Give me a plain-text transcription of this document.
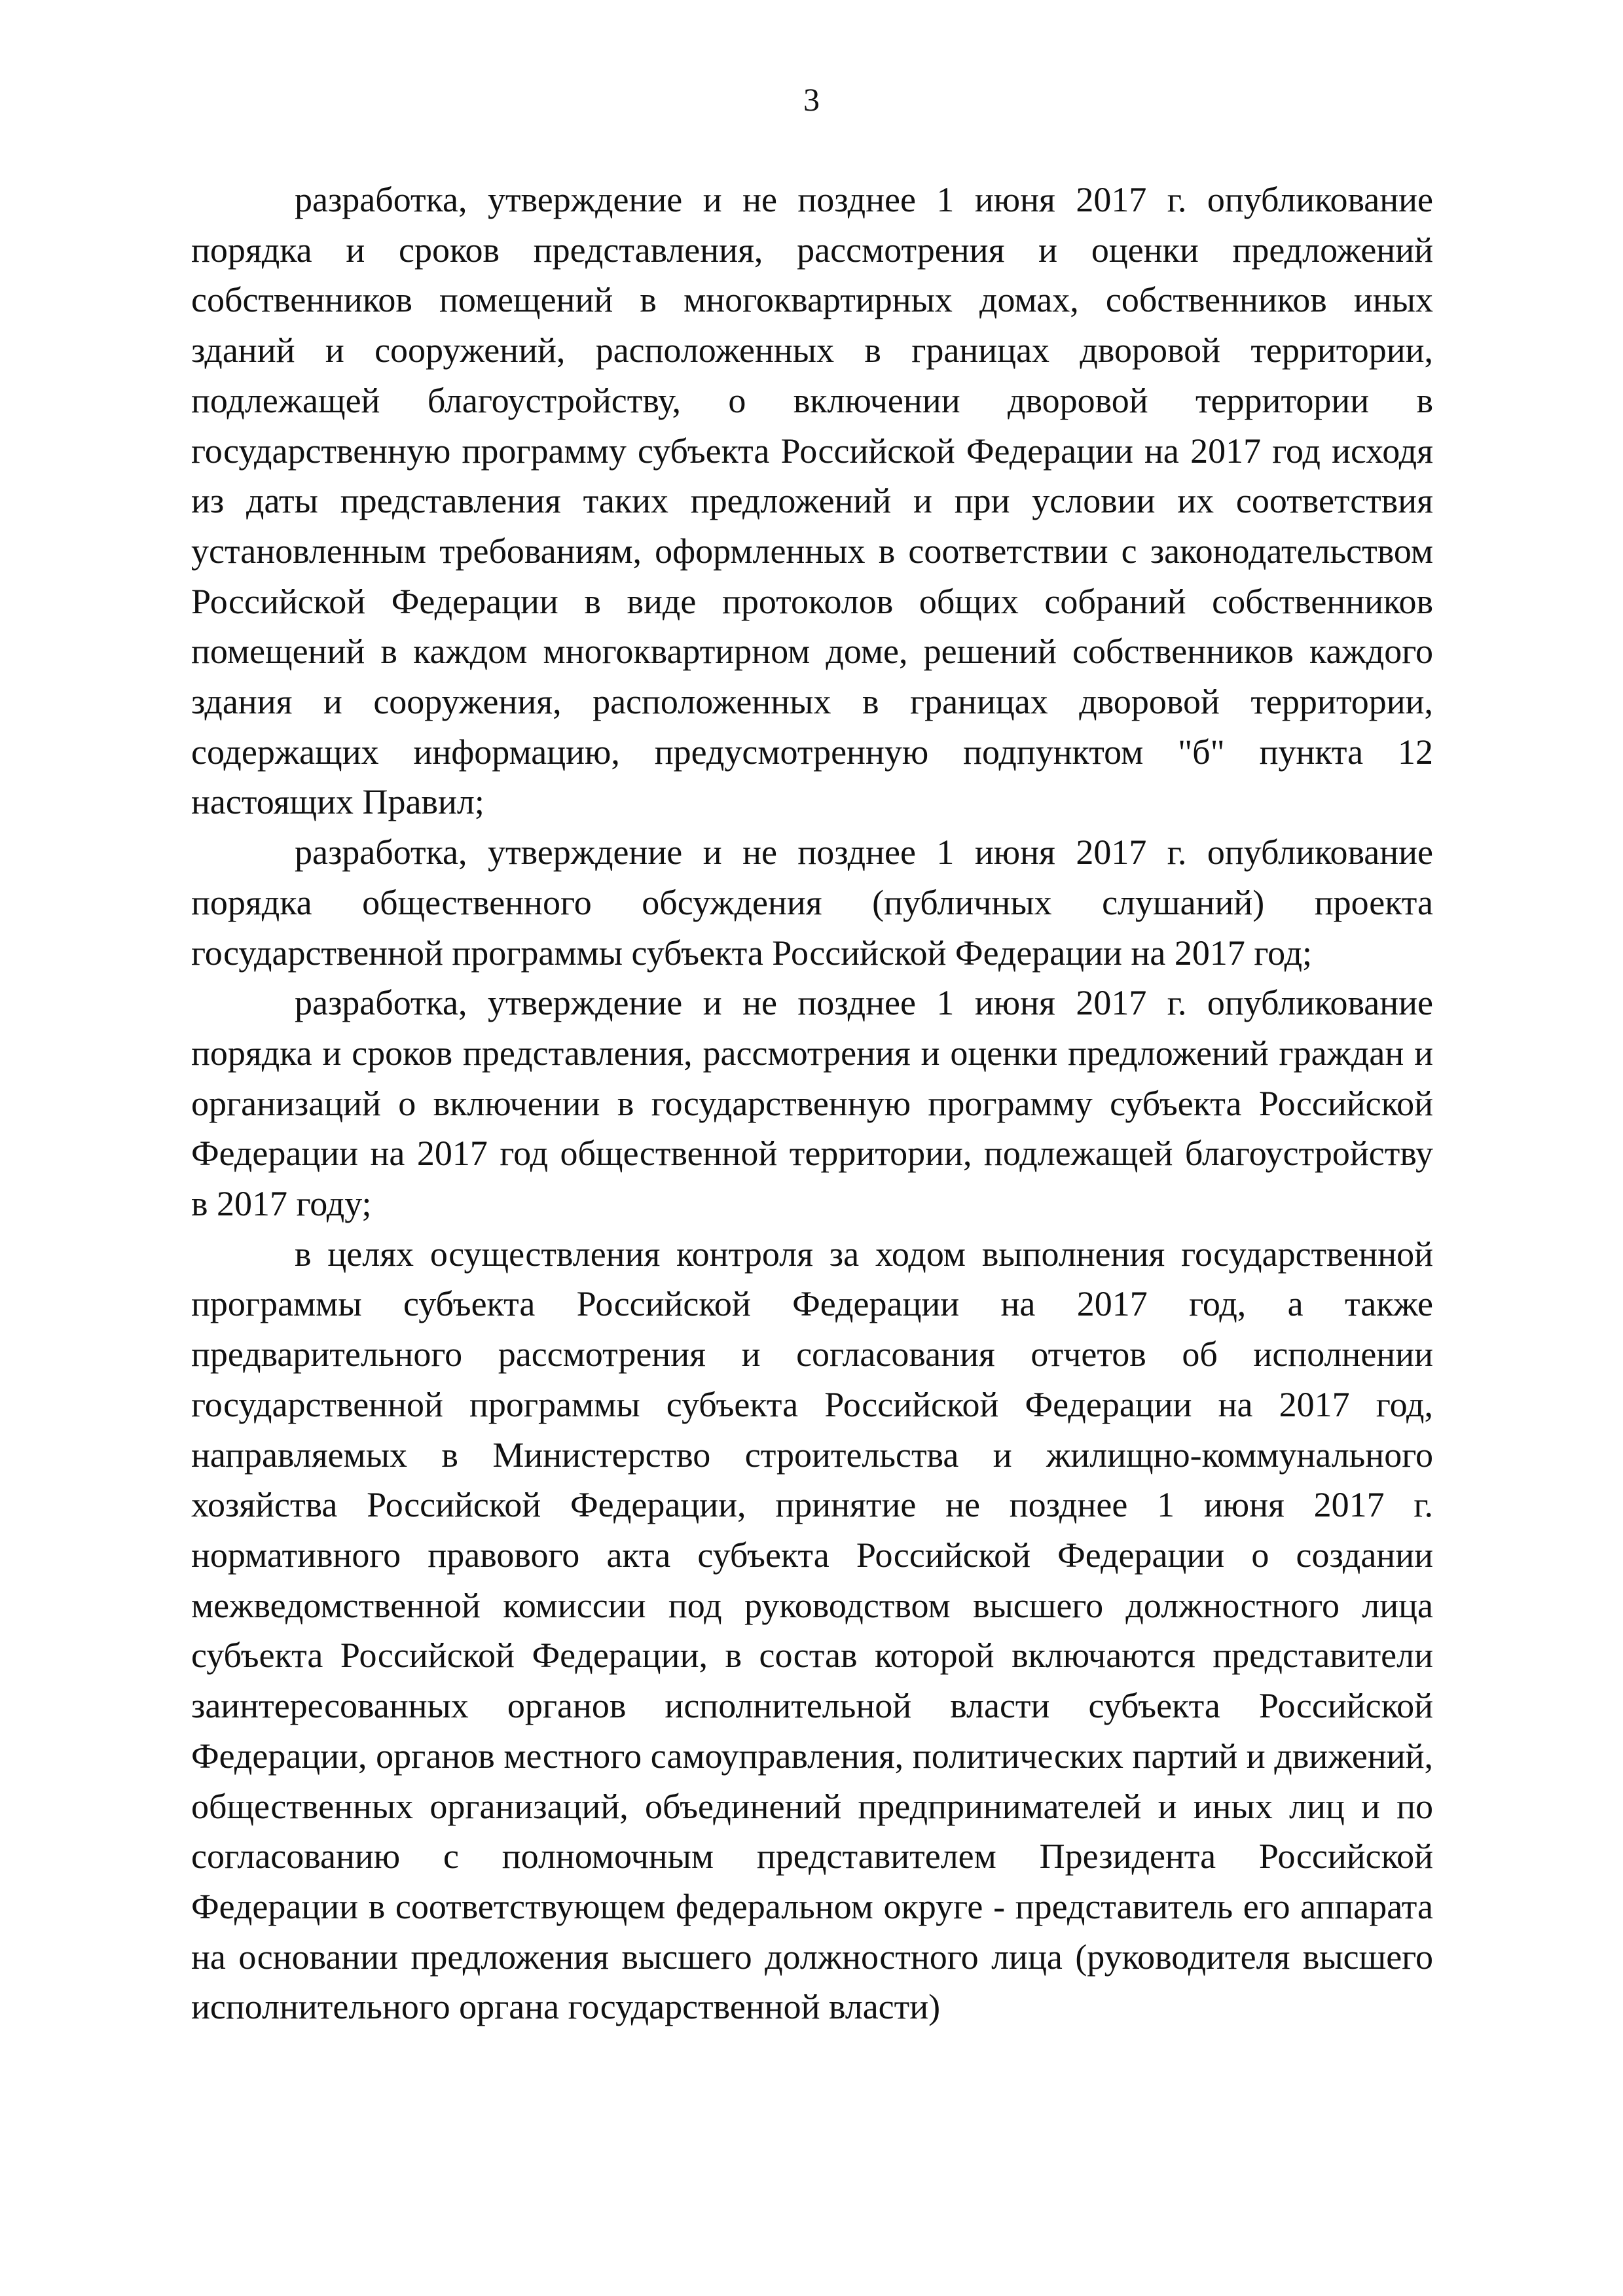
3

разработка, утверждение и не позднее 1 июня 2017 г. опубликование порядка и сроков представления, рассмотрения и оценки предложений собственников помещений в многоквартирных домах, собственников иных зданий и сооружений, расположенных в границах дворовой территории, подлежащей благоустройству, о включении дворовой территории в государственную программу субъекта Российской Федерации на 2017 год исходя из даты представления таких предложений и при условии их соответствия установленным требованиям, оформленных в соответствии с законодательством Российской Федерации в виде протоколов общих собраний собственников помещений в каждом многоквартирном доме, решений собственников каждого здания и сооружения, расположенных в границах дворовой территории, содержащих информацию, предусмотренную подпунктом "б" пункта 12 настоящих Правил;

разработка, утверждение и не позднее 1 июня 2017 г. опубликование порядка общественного обсуждения (публичных слушаний) проекта государственной программы субъекта Российской Федерации на 2017 год;

разработка, утверждение и не позднее 1 июня 2017 г. опубликование порядка и сроков представления, рассмотрения и оценки предложений граждан и организаций о включении в государственную программу субъекта Российской Федерации на 2017 год общественной территории, подлежащей благоустройству в 2017 году;

в целях осуществления контроля за ходом выполнения государственной программы субъекта Российской Федерации на 2017 год, а также предварительного рассмотрения и согласования отчетов об исполнении государственной программы субъекта Российской Федерации на 2017 год, направляемых в Министерство строительства и жилищно-коммунального хозяйства Российской Федерации, принятие не позднее 1 июня 2017 г. нормативного правового акта субъекта Российской Федерации о создании межведомственной комиссии под руководством высшего должностного лица субъекта Российской Федерации, в состав которой включаются представители заинтересованных органов исполнительной власти субъекта Российской Федерации, органов местного самоуправления, политических партий и движений, общественных организаций, объединений предпринимателей и иных лиц и по согласованию с полномочным представителем Президента Российской Федерации в соответствующем федеральном округе - представитель его аппарата на основании предложения высшего должностного лица (руководителя высшего исполнительного органа государственной власти)
